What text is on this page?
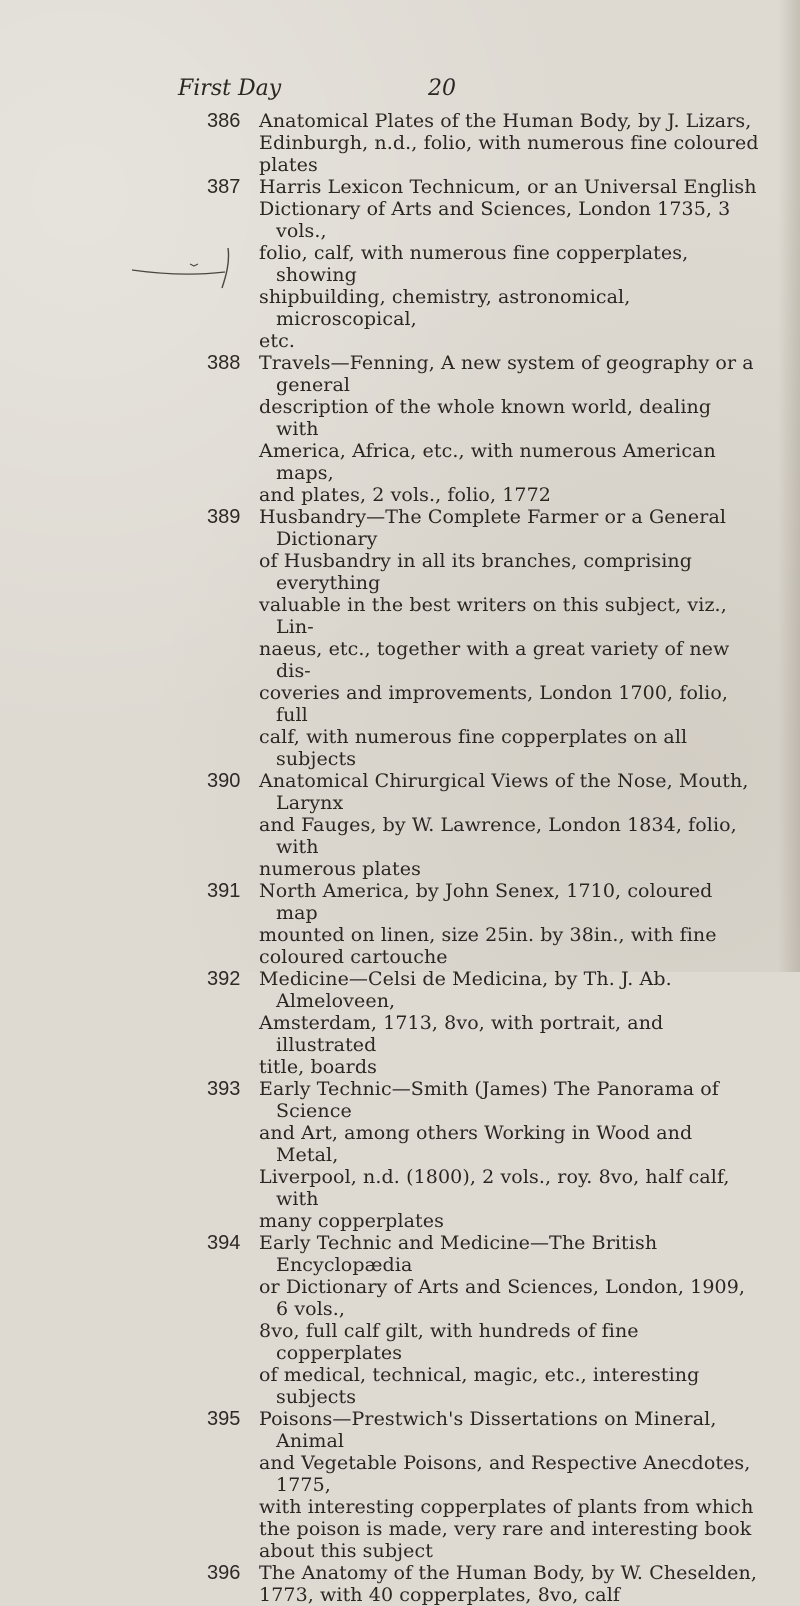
First Day	20
386 Anatomical Plates of the Human Body, by J. Lizars,
Edinburgh, n.d., folio, with numerous fine coloured
plates
387 Harris Lexicon Technicum, or an Universal English
Dictionary of Arts and Sciences, London 1735, 3 vols.,
folio, calf, with numerous fine copperplates, showing
shipbuilding, chemistry, astronomical, microscopical,
etc.
388 Travels—Fenning, A new system of geography or a general
description of the whole known world, dealing with
America, Africa, etc., with numerous American maps,
and plates, 2 vols., folio, 1772
389 Husbandry—The Complete Farmer or a General Dictionary
of Husbandry in all its branches, comprising everything
valuable in the best writers on this subject, viz., Lin-
naeus, etc., together with a great variety of new dis-
coveries and improvements, London 1700, folio, full
calf, with numerous fine copperplates on all subjects
390 Anatomical Chirurgical Views of the Nose, Mouth, Larynx
and Fauges, by W. Lawrence, London 1834, folio, with
numerous plates
391 North America, by John Senex, 1710, coloured map
mounted on linen, size 25in. by 38in., with fine
coloured cartouche
392 Medicine—Celsi de Medicina, by Th. J. Ab. Almeloveen,
Amsterdam, 1713, 8vo, with portrait, and illustrated
title, boards
393 Early Technic—Smith (James) The Panorama of Science
and Art, among others Working in Wood and Metal,
Liverpool, n.d. (1800), 2 vols., roy. 8vo, half calf, with
many copperplates
394 Early Technic and Medicine—The British Encyclopædia
or Dictionary of Arts and Sciences, London, 1909, 6 vols.,
8vo, full calf gilt, with hundreds of fine copperplates
of medical, technical, magic, etc., interesting subjects
395 Poisons—Prestwich's Dissertations on Mineral, Animal
and Vegetable Poisons, and Respective Anecdotes, 1775,
with interesting copperplates of plants from which
the poison is made, very rare and interesting book
about this subject
396 The Anatomy of the Human Body, by W. Cheselden,
1773, with 40 copperplates, 8vo, calf
